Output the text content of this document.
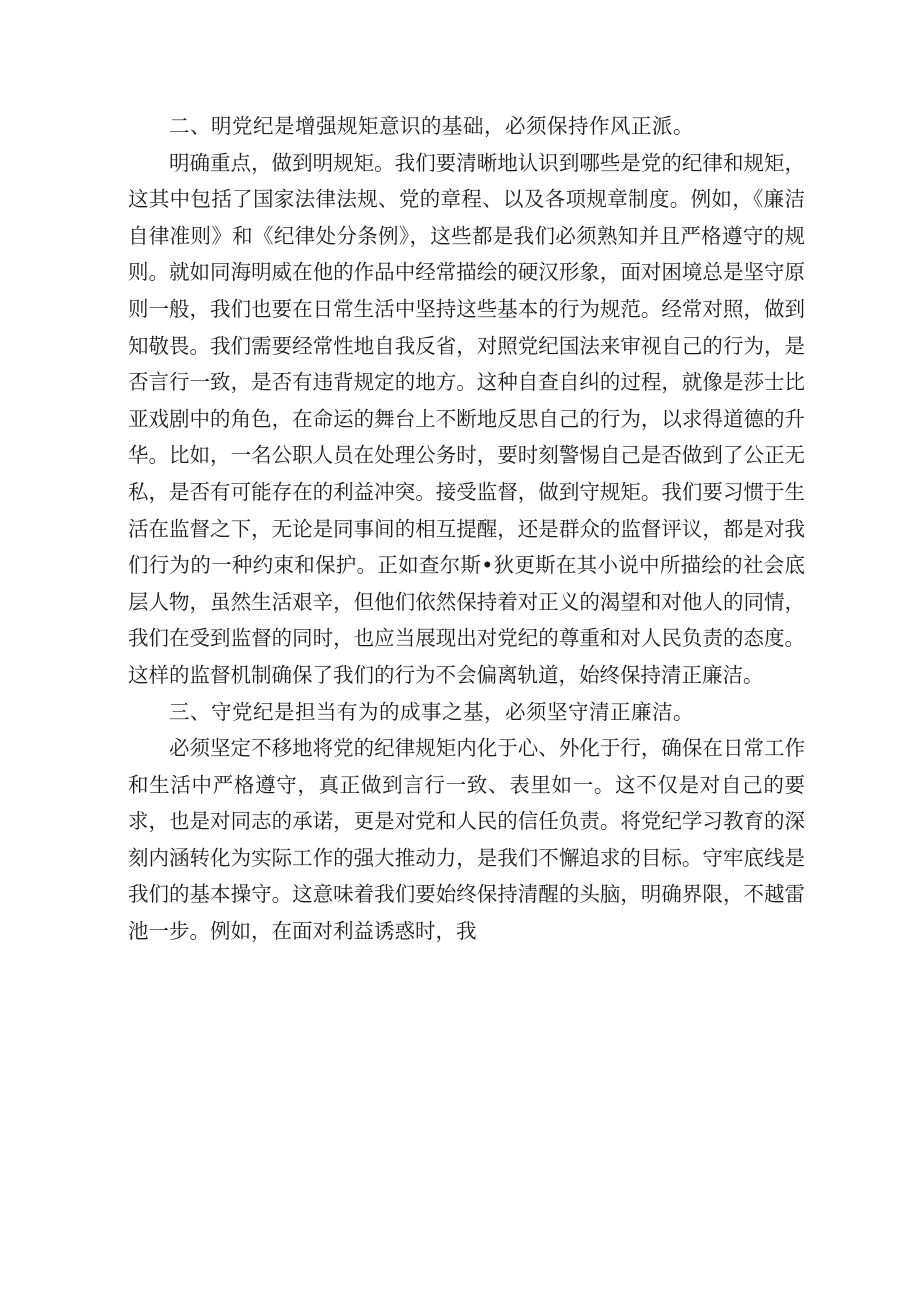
二、明党纪是增强规矩意识的基础，必须保持作风正派。

明确重点，做到明规矩。我们要清晰地认识到哪些是党的纪律和规矩，这其中包括了国家法律法规、党的章程、以及各项规章制度。例如，《廉洁自律准则》和《纪律处分条例》，这些都是我们必须熟知并且严格遵守的规则。就如同海明威在他的作品中经常描绘的硬汉形象，面对困境总是坚守原则一般，我们也要在日常生活中坚持这些基本的行为规范。经常对照，做到知敬畏。我们需要经常性地自我反省，对照党纪国法来审视自己的行为，是否言行一致，是否有违背规定的地方。这种自查自纠的过程，就像是莎士比亚戏剧中的角色，在命运的舞台上不断地反思自己的行为，以求得道德的升华。比如，一名公职人员在处理公务时，要时刻警惕自己是否做到了公正无私，是否有可能存在的利益冲突。接受监督，做到守规矩。我们要习惯于生活在监督之下，无论是同事间的相互提醒，还是群众的监督评议，都是对我们行为的一种约束和保护。正如查尔斯•狄更斯在其小说中所描绘的社会底层人物，虽然生活艰辛，但他们依然保持着对正义的渴望和对他人的同情，我们在受到监督的同时，也应当展现出对党纪的尊重和对人民负责的态度。这样的监督机制确保了我们的行为不会偏离轨道，始终保持清正廉洁。

三、守党纪是担当有为的成事之基，必须坚守清正廉洁。

必须坚定不移地将党的纪律规矩内化于心、外化于行，确保在日常工作和生活中严格遵守，真正做到言行一致、表里如一。这不仅是对自己的要求，也是对同志的承诺，更是对党和人民的信任负责。将党纪学习教育的深刻内涵转化为实际工作的强大推动力，是我们不懈追求的目标。守牢底线是我们的基本操守。这意味着我们要始终保持清醒的头脑，明确界限，不越雷池一步。例如，在面对利益诱惑时，我
